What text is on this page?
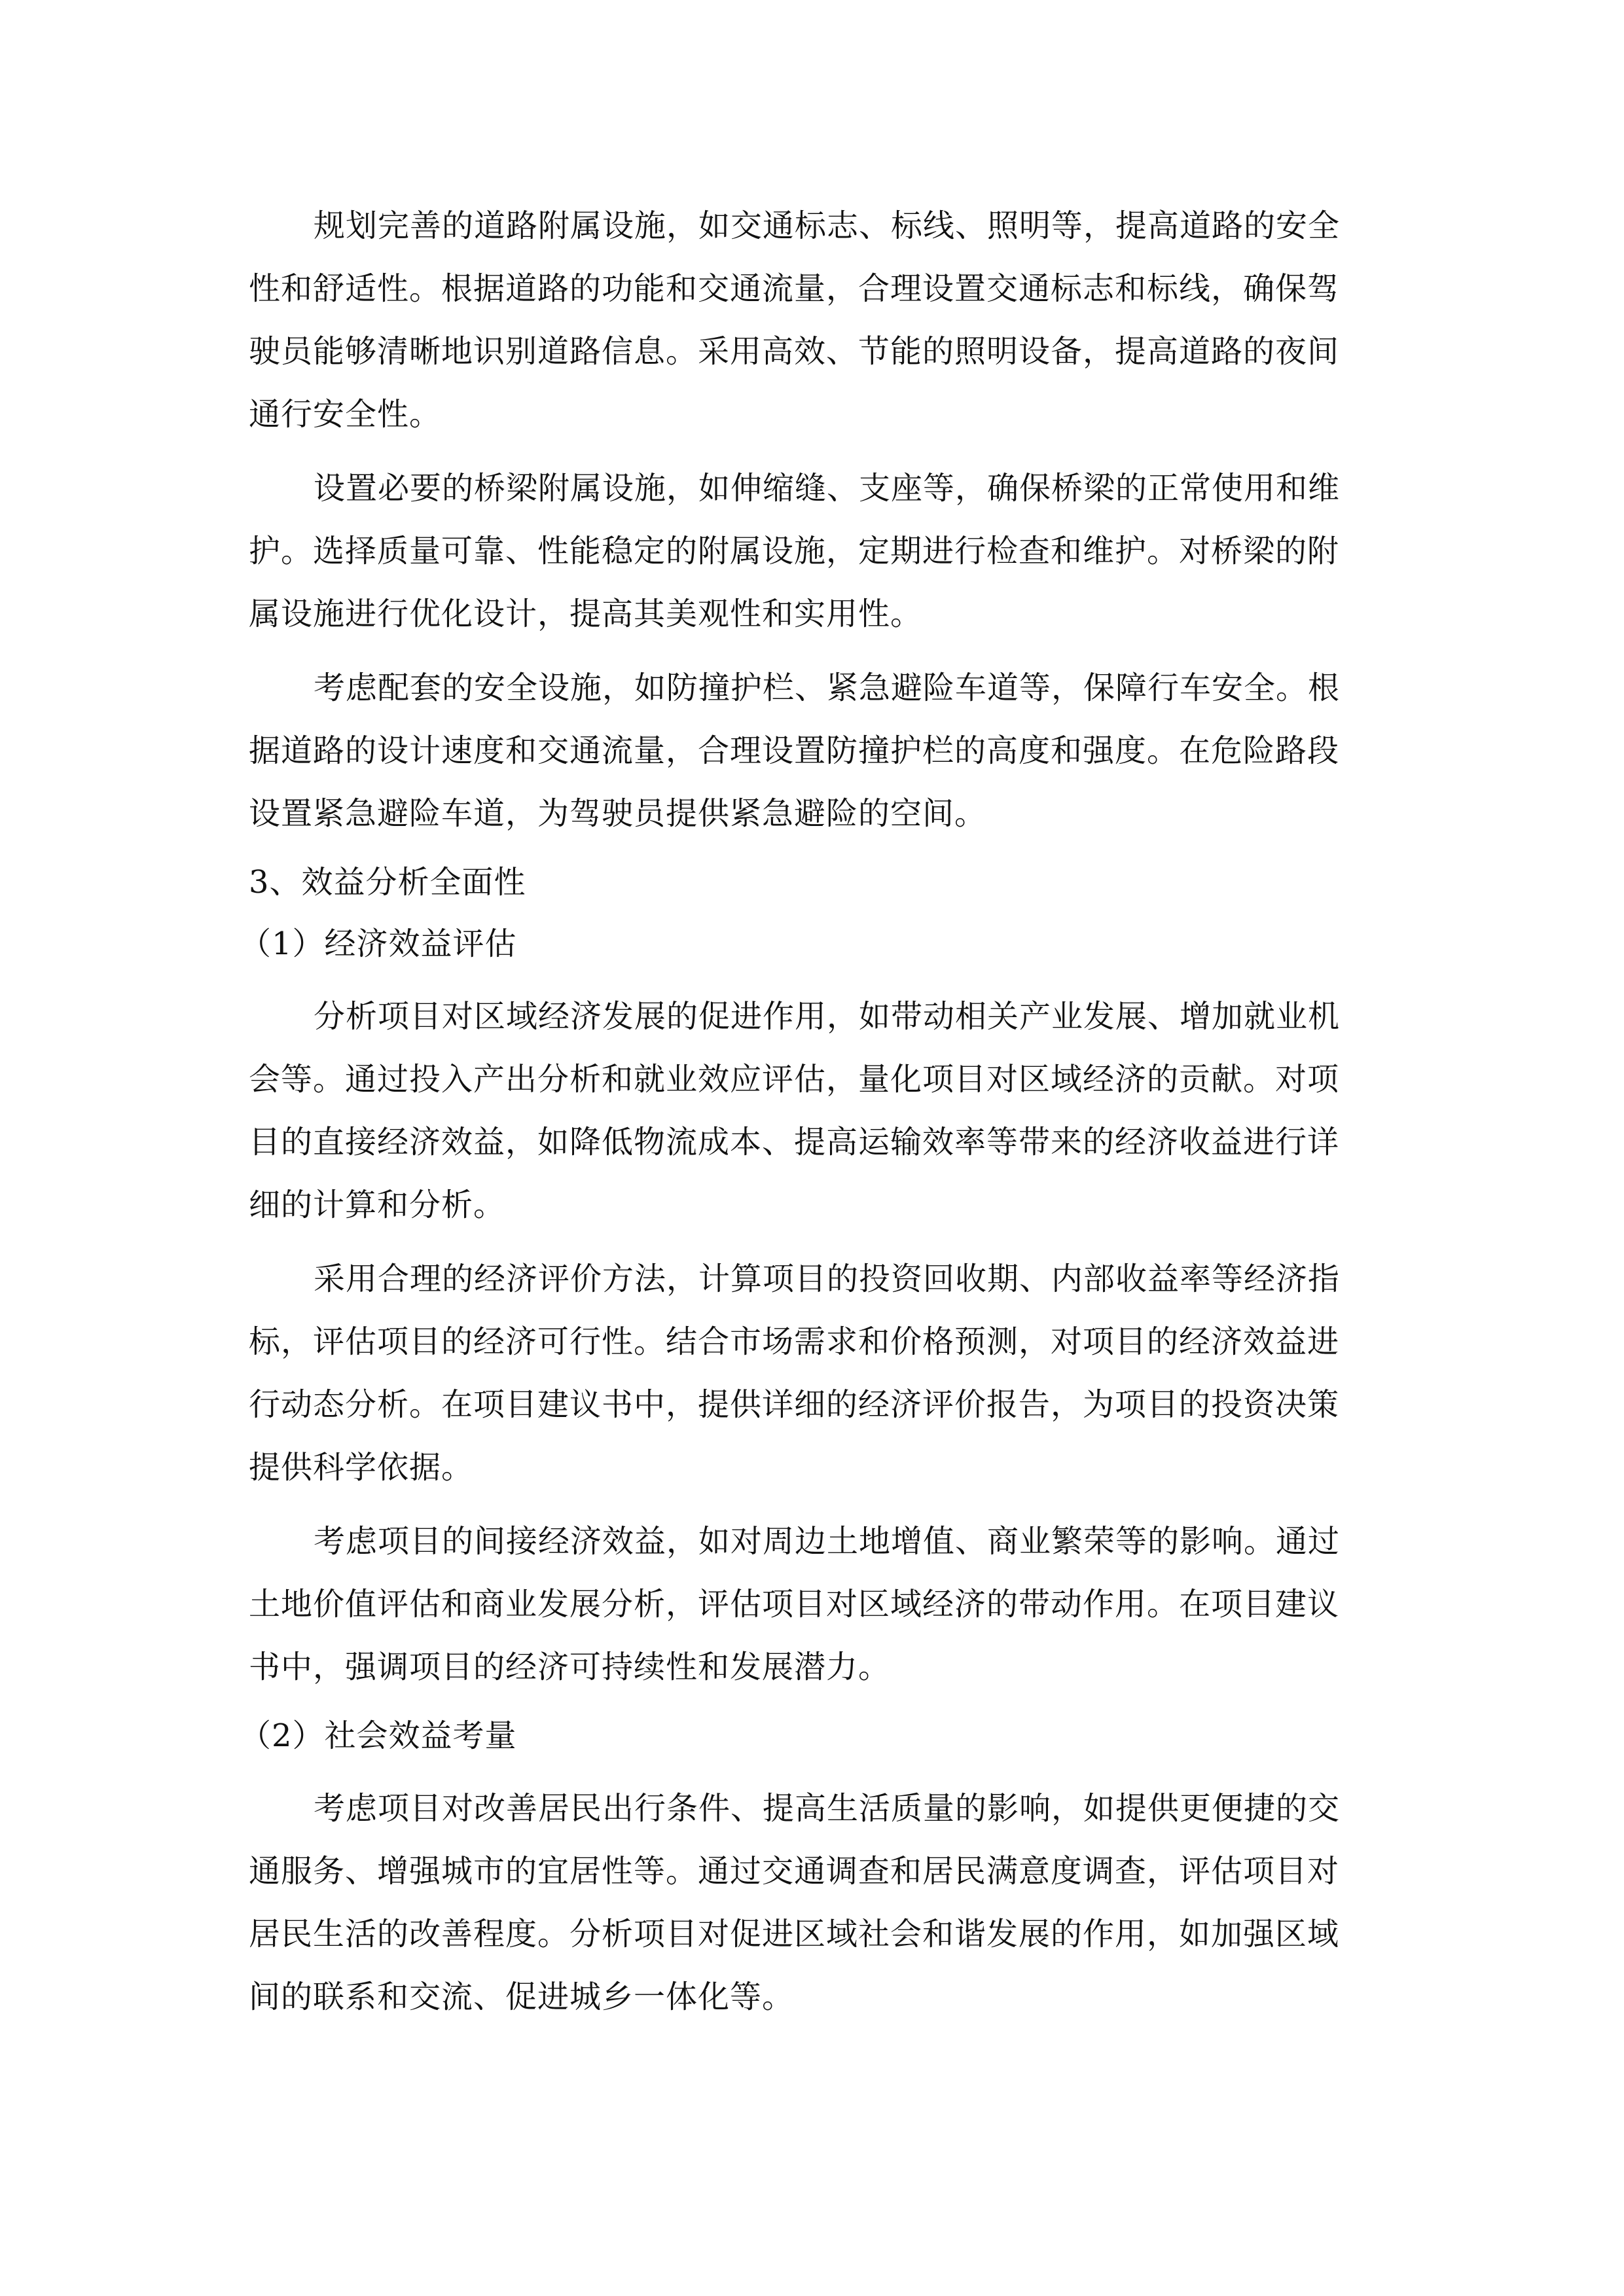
规划完善的道路附属设施，如交通标志、标线、照明等，提高道路的安全
性和舒适性。根据道路的功能和交通流量，合理设置交通标志和标线，确保驾
驶员能够清晰地识别道路信息。采用高效、节能的照明设备，提高道路的夜间
通行安全性。
设置必要的桥梁附属设施，如伸缩缝、支座等，确保桥梁的正常使用和维
护。选择质量可靠、性能稳定的附属设施，定期进行检查和维护。对桥梁的附
属设施进行优化设计，提高其美观性和实用性。
考虑配套的安全设施，如防撞护栏、紧急避险车道等，保障行车安全。根
据道路的设计速度和交通流量，合理设置防撞护栏的高度和强度。在危险路段
设置紧急避险车道，为驾驶员提供紧急避险的空间。
3、效益分析全面性
（1）经济效益评估
分析项目对区域经济发展的促进作用，如带动相关产业发展、增加就业机
会等。通过投入产出分析和就业效应评估，量化项目对区域经济的贡献。对项
目的直接经济效益，如降低物流成本、提高运输效率等带来的经济收益进行详
细的计算和分析。
采用合理的经济评价方法，计算项目的投资回收期、内部收益率等经济指
标，评估项目的经济可行性。结合市场需求和价格预测，对项目的经济效益进
行动态分析。在项目建议书中，提供详细的经济评价报告，为项目的投资决策
提供科学依据。
考虑项目的间接经济效益，如对周边土地增值、商业繁荣等的影响。通过
土地价值评估和商业发展分析，评估项目对区域经济的带动作用。在项目建议
书中，强调项目的经济可持续性和发展潜力。
（2）社会效益考量
考虑项目对改善居民出行条件、提高生活质量的影响，如提供更便捷的交
通服务、增强城市的宜居性等。通过交通调查和居民满意度调查，评估项目对
居民生活的改善程度。分析项目对促进区域社会和谐发展的作用，如加强区域
间的联系和交流、促进城乡一体化等。
